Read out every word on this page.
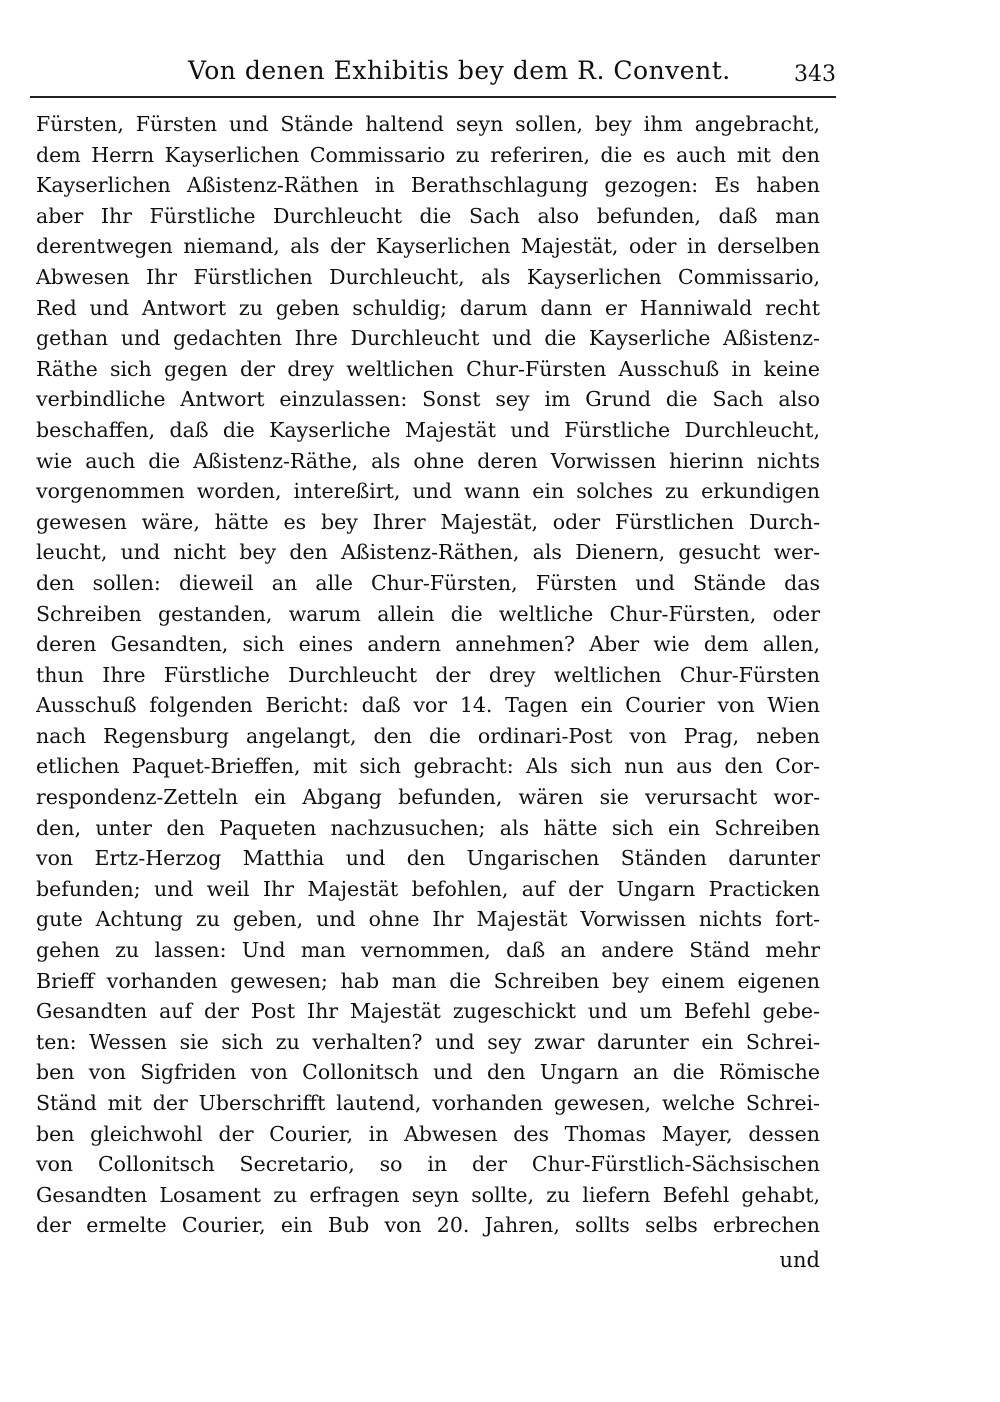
Von denen Exhibitis bey dem R. Convent.	343
Fürsten, Fürsten und Stände haltend seyn sollen, bey ihm angebracht,
dem Herrn Kayserlichen Commissario zu referiren, die es auch mit den
Kayserlichen Aßistenz-Räthen in Berathschlagung gezogen: Es haben
aber Ihr Fürstliche Durchleucht die Sach also befunden, daß man
derentwegen niemand, als der Kayserlichen Majestät, oder in derselben
Abwesen Ihr Fürstlichen Durchleucht, als Kayserlichen Commissario,
Red und Antwort zu geben schuldig; darum dann er Hanniwald recht
gethan und gedachten Ihre Durchleucht und die Kayserliche Aßistenz-
Räthe sich gegen der drey weltlichen Chur-Fürsten Ausschuß in keine
verbindliche Antwort einzulassen: Sonst sey im Grund die Sach also
beschaffen, daß die Kayserliche Majestät und Fürstliche Durchleucht,
wie auch die Aßistenz-Räthe, als ohne deren Vorwissen hierinn nichts
vorgenommen worden, intereßirt, und wann ein solches zu erkundigen
gewesen wäre, hätte es bey Ihrer Majestät, oder Fürstlichen Durch-
leucht, und nicht bey den Aßistenz-Räthen, als Dienern, gesucht wer-
den sollen: dieweil an alle Chur-Fürsten, Fürsten und Stände das
Schreiben gestanden, warum allein die weltliche Chur-Fürsten, oder
deren Gesandten, sich eines andern annehmen? Aber wie dem allen,
thun Ihre Fürstliche Durchleucht der drey weltlichen Chur-Fürsten
Ausschuß folgenden Bericht: daß vor 14. Tagen ein Courier von Wien
nach Regensburg angelangt, den die ordinari-Post von Prag, neben
etlichen Paquet-Brieffen, mit sich gebracht: Als sich nun aus den Cor-
respondenz-Zetteln ein Abgang befunden, wären sie verursacht wor-
den, unter den Paqueten nachzusuchen; als hätte sich ein Schreiben
von Ertz-Herzog Matthia und den Ungarischen Ständen darunter
befunden; und weil Ihr Majestät befohlen, auf der Ungarn Practicken
gute Achtung zu geben, und ohne Ihr Majestät Vorwissen nichts fort-
gehen zu lassen: Und man vernommen, daß an andere Ständ mehr
Brieff vorhanden gewesen; hab man die Schreiben bey einem eigenen
Gesandten auf der Post Ihr Majestät zugeschickt und um Befehl gebe-
ten: Wessen sie sich zu verhalten? und sey zwar darunter ein Schrei-
ben von Sigfriden von Collonitsch und den Ungarn an die Römische
Ständ mit der Uberschrifft lautend, vorhanden gewesen, welche Schrei-
ben gleichwohl der Courier, in Abwesen des Thomas Mayer, dessen
von Collonitsch Secretario, so in der Chur-Fürstlich-Sächsischen
Gesandten Losament zu erfragen seyn sollte, zu liefern Befehl gehabt,
der ermelte Courier, ein Bub von 20. Jahren, sollts selbs erbrechen
und
